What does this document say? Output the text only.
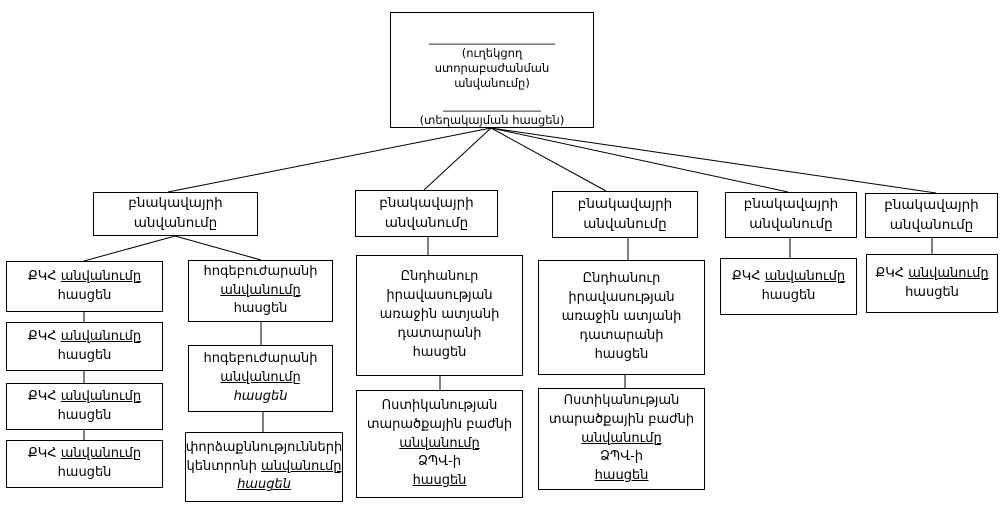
______________________
(ուղեկցող ստորաբաժանման անվանումը)
_________________
(տեղակայման հասցեն)
բնակավայրի
անվանումը
բնակավայրի
անվանումը
բնակավայրի
անվանումը
բնակավայրի
անվանումը
բնակավայրի
անվանումը
ՔԿՀ անվանումը
հասցեն
ՔԿՀ անվանումը
հասցեն
ՔԿՀ անվանումը
հասցեն
ՔԿՀ անվանումը
հասցեն
հոգեբուժարանի
անվանումը
հասցեն
հոգեբուժարանի
անվանումը
հասցեն
փորձաքննությունների
կենտրոնի անվանումը
հասցեն
Ընդհանուր
իրավասության
առաջին ատյանի
դատարանի
հասցեն
Ոստիկանության
տարածքային բաժնի
անվանումը
ՁՊՎ-ի
հասցեն
Ընդհանուր
իրավասության
առաջին ատյանի
դատարանի
հասցեն
Ոստիկանության
տարածքային բաժնի
անվանումը
ՁՊՎ-ի
հասցեն
ՔԿՀ անվանումը
հասցեն
ՔԿՀ անվանումը
հասցեն
